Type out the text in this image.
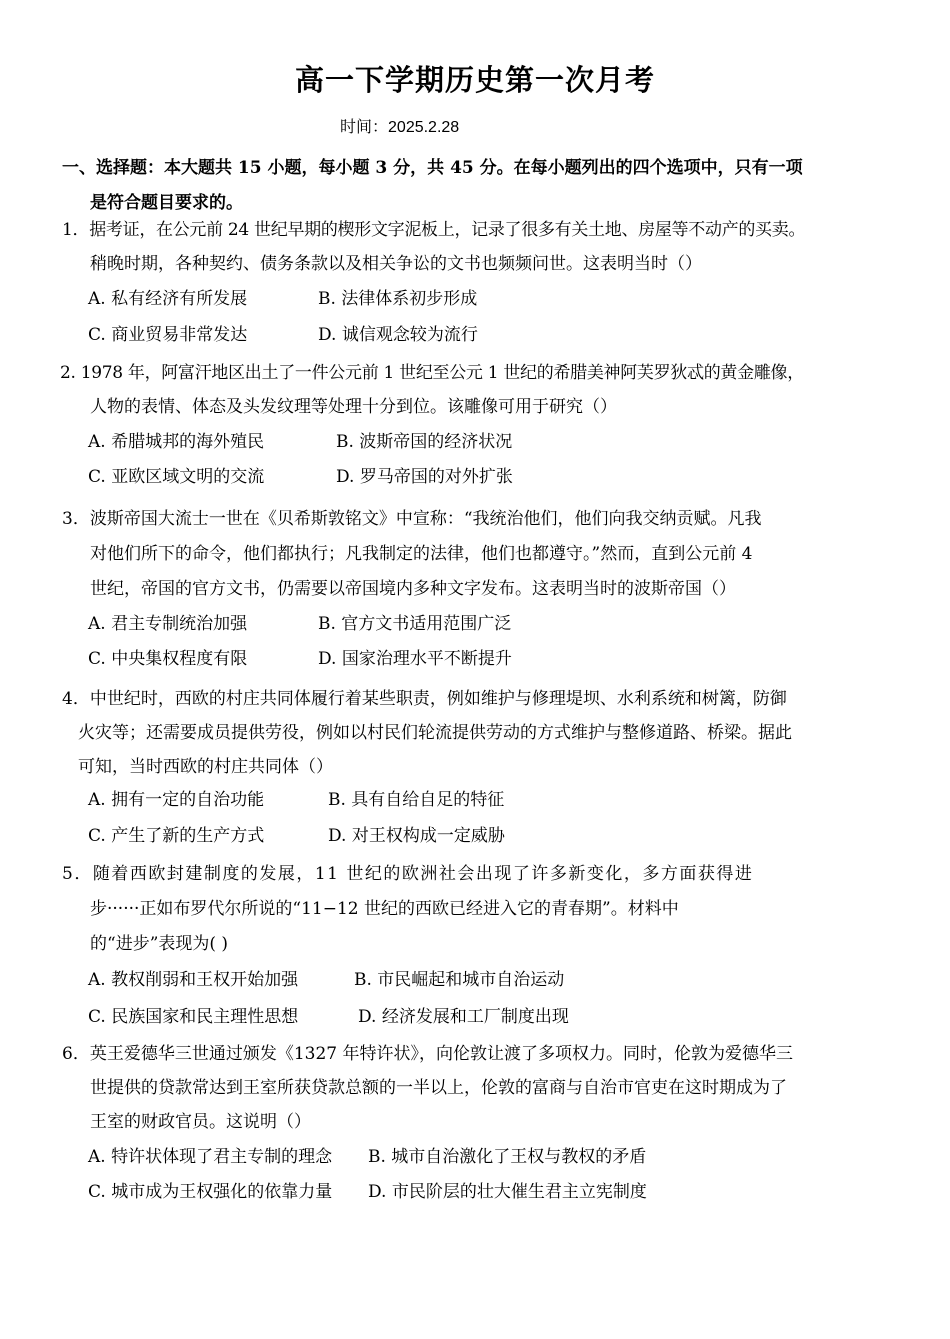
高一下学期历史第一次月考
时间：2025.2.28
一、选择题：本大题共 15 小题，每小题 3 分，共 45 分。在每小题列出的四个选项中，只有一项
是符合题目要求的。
1．据考证，在公元前 24 世纪早期的楔形文字泥板上，记录了很多有关土地、房屋等不动产的买卖。
稍晚时期，各种契约、债务条款以及相关争讼的文书也频频问世。这表明当时（）
A. 私有经济有所发展	B. 法律体系初步形成
C. 商业贸易非常发达	D. 诚信观念较为流行
2. 1978 年，阿富汗地区出土了一件公元前 1 世纪至公元 1 世纪的希腊美神阿芙罗狄忒的黄金雕像，
人物的表情、体态及头发纹理等处理十分到位。该雕像可用于研究（）
A. 希腊城邦的海外殖民	B. 波斯帝国的经济状况
C. 亚欧区域文明的交流	D. 罗马帝国的对外扩张
3．波斯帝国大流士一世在《贝希斯敦铭文》中宣称：“我统治他们，他们向我交纳贡赋。凡我
对他们所下的命令，他们都执行；凡我制定的法律，他们也都遵守。”然而，直到公元前 4
世纪，帝国的官方文书，仍需要以帝国境内多种文字发布。这表明当时的波斯帝国（）
A. 君主专制统治加强	B. 官方文书适用范围广泛
C. 中央集权程度有限	D. 国家治理水平不断提升
4．中世纪时，西欧的村庄共同体履行着某些职责，例如维护与修理堤坝、水利系统和树篱，防御
火灾等；还需要成员提供劳役，例如以村民们轮流提供劳动的方式维护与整修道路、桥梁。据此
可知，当时西欧的村庄共同体（）
A. 拥有一定的自治功能	B. 具有自给自足的特征
C. 产生了新的生产方式	D. 对王权构成一定威胁
5．随着西欧封建制度的发展，11 世纪的欧洲社会出现了许多新变化，多方面获得进
步······正如布罗代尔所说的“11−12 世纪的西欧已经进入它的青春期”。材料中
的“进步”表现为( )
A. 教权削弱和王权开始加强	B. 市民崛起和城市自治运动
C. 民族国家和民主理性思想	D. 经济发展和工厂制度出现
6．英王爱德华三世通过颁发《1327 年特许状》，向伦敦让渡了多项权力。同时，伦敦为爱德华三
世提供的贷款常达到王室所获贷款总额的一半以上，伦敦的富商与自治市官吏在这时期成为了
王室的财政官员。这说明（）
A. 特许状体现了君主专制的理念 B. 城市自治激化了王权与教权的矛盾
C. 城市成为王权强化的依靠力量 D. 市民阶层的壮大催生君主立宪制度
